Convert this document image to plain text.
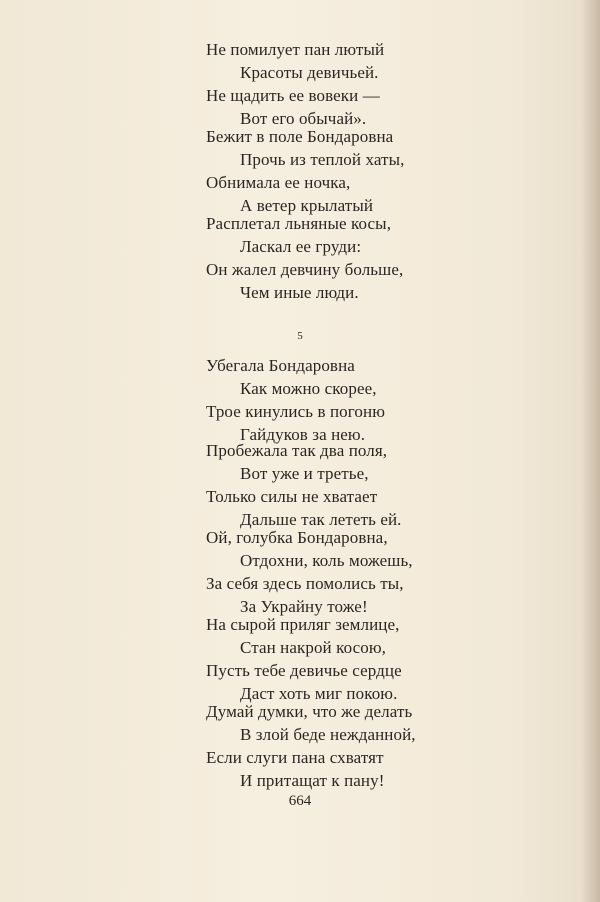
Не помилует пан лютый
Красоты девичьей.
Не щадить ее вовеки —
Вот его обычай».
Бежит в поле Бондаровна
Прочь из теплой хаты,
Обнимала ее ночка,
А ветер крылатый
Расплетал льняные косы,
Ласкал ее груди:
Он жалел девчину больше,
Чем иные люди.
5
Убегала Бондаровна
Как можно скорее,
Трое кинулись в погоню
Гайдуков за нею.
Пробежала так два поля,
Вот уже и третье,
Только силы не хватает
Дальше так лететь ей.
Ой, голубка Бондаровна,
Отдохни, коль можешь,
За себя здесь помолись ты,
За Украйну тоже!
На сырой приляг землице,
Стан накрой косою,
Пусть тебе девичье сердце
Даст хоть миг покою.
Думай думки, что же делать
В злой беде нежданной,
Если слуги пана схватят
И притащат к пану!
664
